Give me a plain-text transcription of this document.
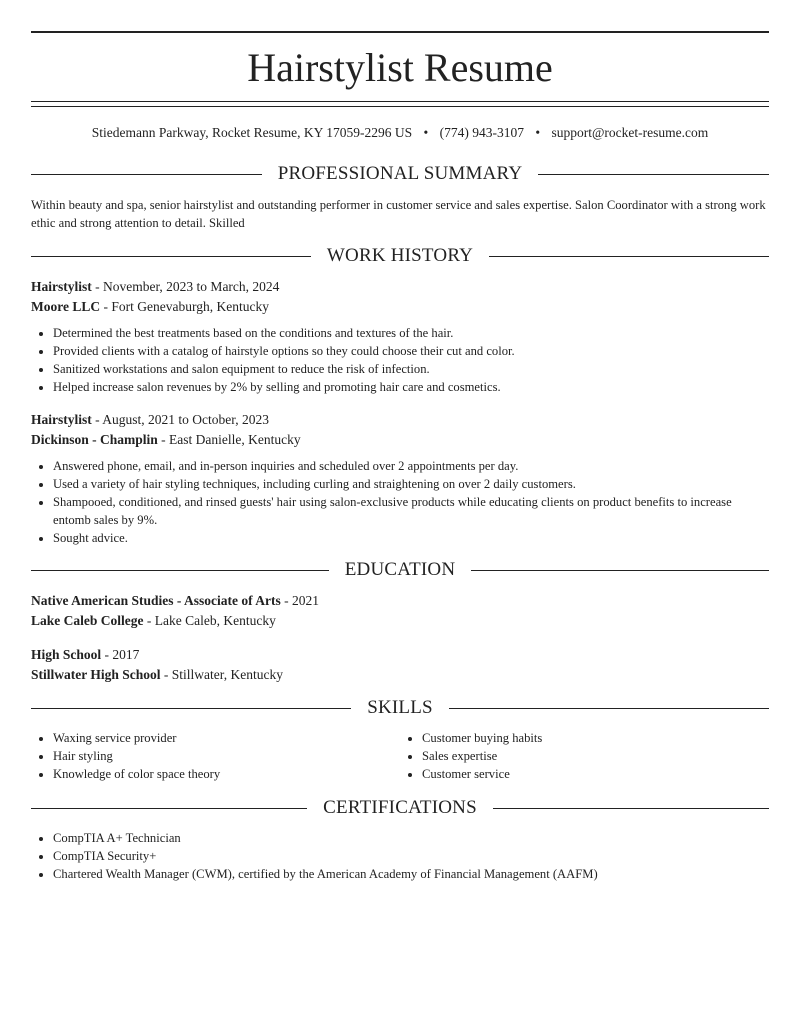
Hairstylist Resume
Stiedemann Parkway, Rocket Resume, KY 17059-2296 US • (774) 943-3107 • support@rocket-resume.com
PROFESSIONAL SUMMARY
Within beauty and spa, senior hairstylist and outstanding performer in customer service and sales expertise. Salon Coordinator with a strong work ethic and strong attention to detail. Skilled
WORK HISTORY

Hairstylist - November, 2023 to March, 2024

Moore LLC - Fort Genevaburgh, Kentucky

• Determined the best treatments based on the conditions and textures of the hair.
• Provided clients with a catalog of hairstyle options so they could choose their cut and color.
• Sanitized workstations and salon equipment to reduce the risk of infection.
• Helped increase salon revenues by 2% by selling and promoting hair care and cosmetics.

Hairstylist - August, 2021 to October, 2023

Dickinson - Champlin - East Danielle, Kentucky

• Answered phone, email, and in-person inquiries and scheduled over 2 appointments per day.
• Used a variety of hair styling techniques, including curling and straightening on over 2 daily customers.
• Shampooed, conditioned, and rinsed guests' hair using salon-exclusive products while educating clients on product benefits to increase entomb sales by 9%.
• Sought advice.
EDUCATION

Native American Studies - Associate of Arts - 2021

Lake Caleb College - Lake Caleb, Kentucky

High School - 2017

Stillwater High School - Stillwater, Kentucky

SKILLS
• Waxing service provider
• Hair styling
• Knowledge of color space theory
• Customer buying habits
• Sales expertise
• Customer service
CERTIFICATIONS
• CompTIA A+ Technician
• CompTIA Security+
• Chartered Wealth Manager (CWM), certified by the American Academy of Financial Management (AAFM)
